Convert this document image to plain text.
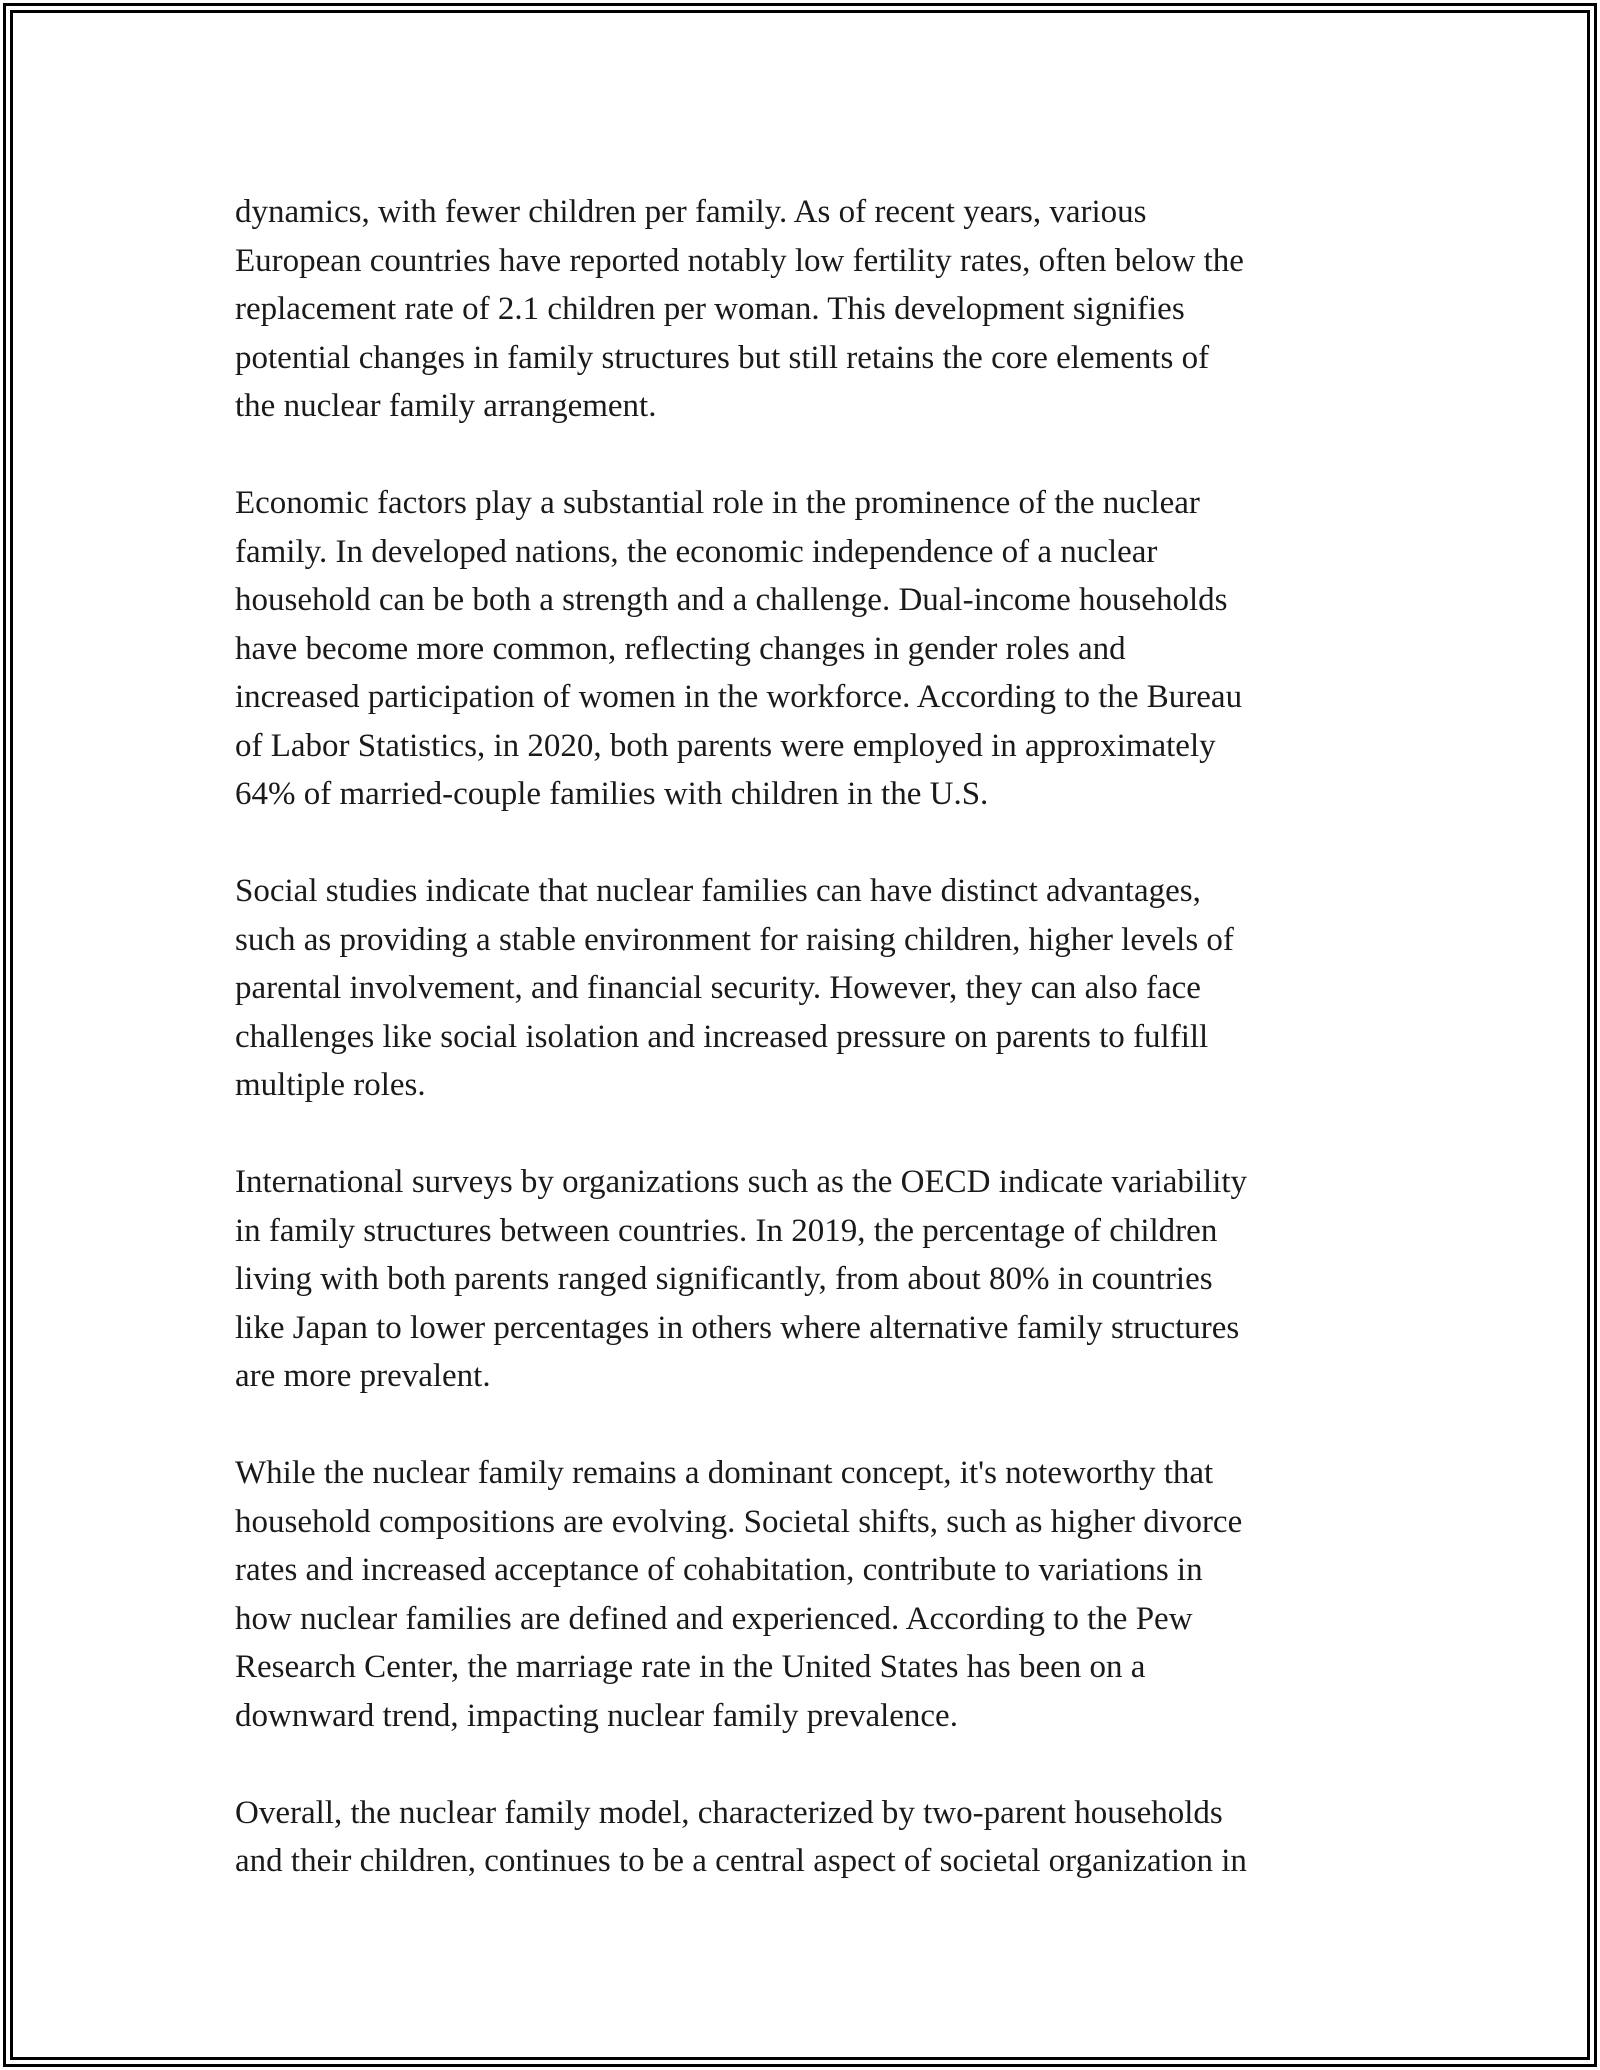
dynamics, with fewer children per family. As of recent years, various
European countries have reported notably low fertility rates, often below the
replacement rate of 2.1 children per woman. This development signifies
potential changes in family structures but still retains the core elements of
the nuclear family arrangement.

Economic factors play a substantial role in the prominence of the nuclear
family. In developed nations, the economic independence of a nuclear
household can be both a strength and a challenge. Dual-income households
have become more common, reflecting changes in gender roles and
increased participation of women in the workforce. According to the Bureau
of Labor Statistics, in 2020, both parents were employed in approximately
64% of married-couple families with children in the U.S.

Social studies indicate that nuclear families can have distinct advantages,
such as providing a stable environment for raising children, higher levels of
parental involvement, and financial security. However, they can also face
challenges like social isolation and increased pressure on parents to fulfill
multiple roles.

International surveys by organizations such as the OECD indicate variability
in family structures between countries. In 2019, the percentage of children
living with both parents ranged significantly, from about 80% in countries
like Japan to lower percentages in others where alternative family structures
are more prevalent.

While the nuclear family remains a dominant concept, it's noteworthy that
household compositions are evolving. Societal shifts, such as higher divorce
rates and increased acceptance of cohabitation, contribute to variations in
how nuclear families are defined and experienced. According to the Pew
Research Center, the marriage rate in the United States has been on a
downward trend, impacting nuclear family prevalence.

Overall, the nuclear family model, characterized by two-parent households
and their children, continues to be a central aspect of societal organization in
